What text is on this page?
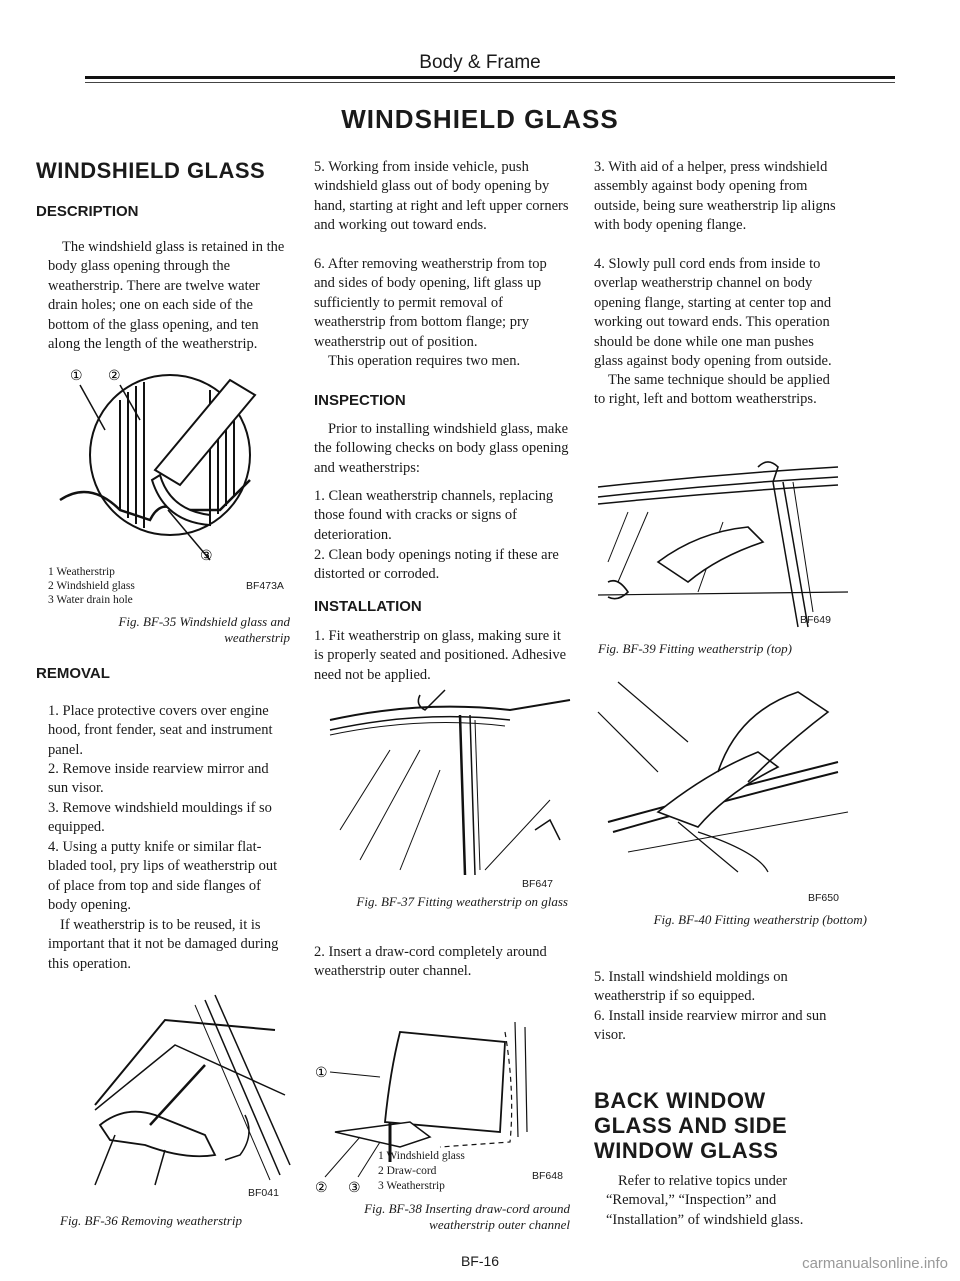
Body & Frame
WINDSHIELD GLASS
WINDSHIELD GLASS
DESCRIPTION
The windshield glass is retained in the body glass opening through the weatherstrip. There are twelve water drain holes; one on each side of the bottom of the glass opening, and ten along the length of the weatherstrip.
① ②
③
1 Weatherstrip
2 Windshield glass
3 Water drain hole
BF473A
Fig. BF-35 Windshield glass and weatherstrip
REMOVAL
1. Place protective covers over engine hood, front fender, seat and instrument panel.
2. Remove inside rearview mirror and sun visor.
3. Remove windshield mouldings if so equipped.
4. Using a putty knife or similar flat-bladed tool, pry lips of weatherstrip out of place from top and side flanges of body opening.
If weatherstrip is to be reused, it is important that it not be damaged during this operation.
BF041
Fig. BF-36 Removing weatherstrip
5. Working from inside vehicle, push windshield glass out of body opening by hand, starting at right and left upper corners and working out toward ends.
6. After removing weatherstrip from top and sides of body opening, lift glass up sufficiently to permit removal of weatherstrip from bottom flange; pry weatherstrip out of position.
This operation requires two men.
INSPECTION
Prior to installing windshield glass, make the following checks on body glass opening and weatherstrips:
1. Clean weatherstrip channels, replacing those found with cracks or signs of deterioration.
2. Clean body openings noting if these are distorted or corroded.
INSTALLATION
1. Fit weatherstrip on glass, making sure it is properly seated and positioned. Adhesive need not be applied.
BF647
Fig. BF-37 Fitting weatherstrip on glass
2. Insert a draw-cord completely around weatherstrip outer channel.
①
② ③
1 Windshield glass
2 Draw-cord
3 Weatherstrip
BF648
Fig. BF-38 Inserting draw-cord around weatherstrip outer channel
3. With aid of a helper, press windshield assembly against body opening from outside, being sure weatherstrip lip aligns with body opening flange.
4. Slowly pull cord ends from inside to overlap weatherstrip channel on body opening flange, starting at center top and working out toward ends. This operation should be done while one man pushes glass against body opening from outside.
The same technique should be applied to right, left and bottom weatherstrips.
BF649
Fig. BF-39 Fitting weatherstrip (top)
BF650
Fig. BF-40 Fitting weatherstrip (bottom)
5. Install windshield moldings on weatherstrip if so equipped.
6. Install inside rearview mirror and sun visor.
BACK WINDOW GLASS AND SIDE WINDOW GLASS
Refer to relative topics under “Removal,” “Inspection” and “Installation” of windshield glass.
BF-16	carmanualsonline.info
